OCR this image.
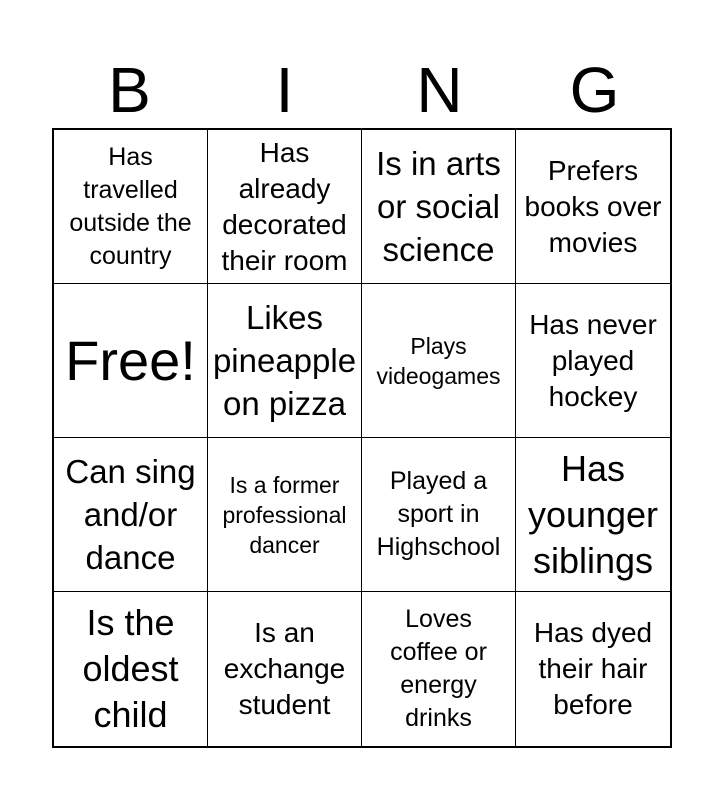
B	I	N	G
Has travelled outside the country
Has already decorated their room
Is in arts or social science
Prefers books over movies
Free!
Likes pineapple on pizza
Plays videogames
Has never played hockey
Can sing and/or dance
Is a former professional dancer
Played a sport in Highschool
Has younger siblings
Is the oldest child
Is an exchange student
Loves coffee or energy drinks
Has dyed their hair before
